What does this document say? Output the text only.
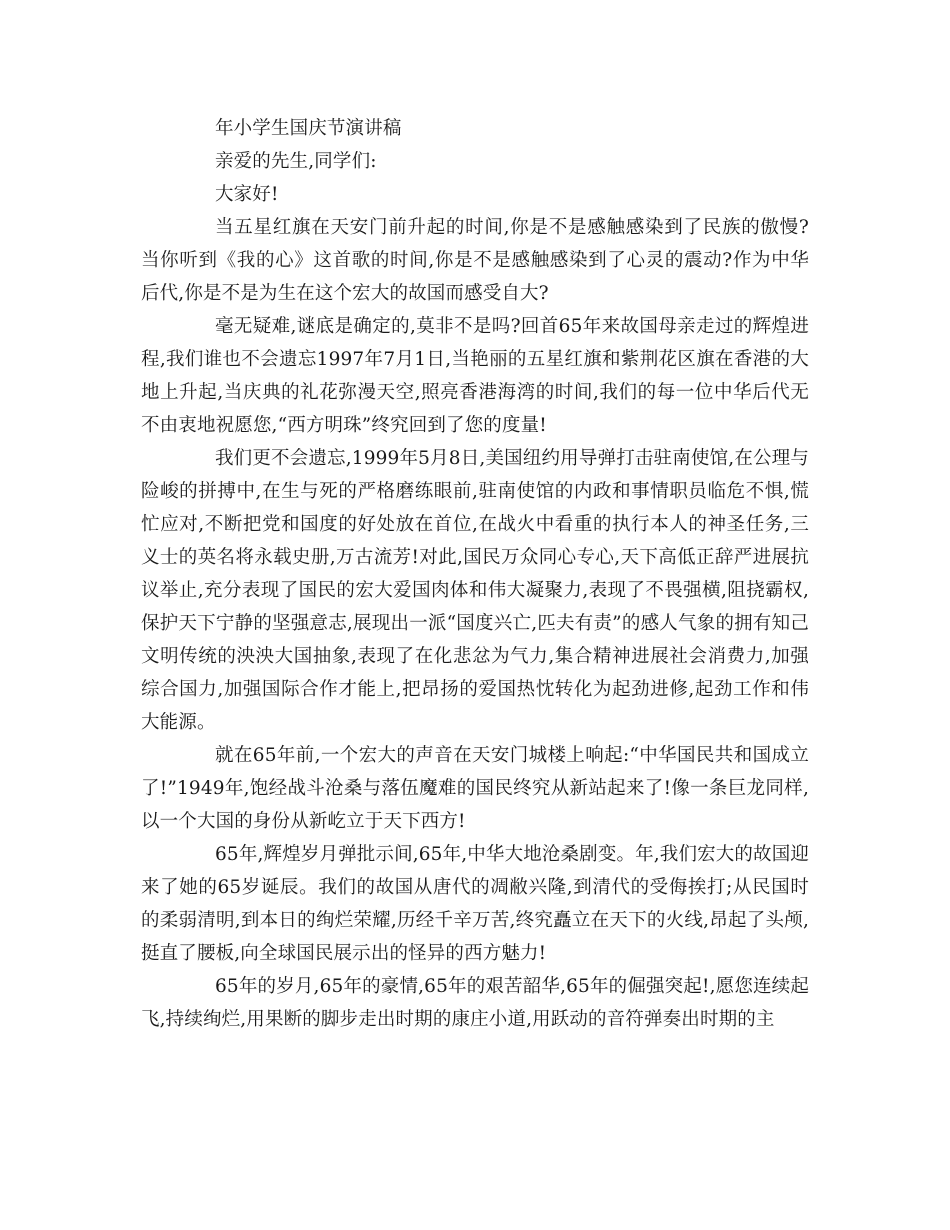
年小学生国庆节演讲稿

亲爱的先生,同学们:

大家好!

当五星红旗在天安门前升起的时间,你是不是感触感染到了民族的傲慢?当你听到《我的心》这首歌的时间,你是不是感触感染到了心灵的震动?作为中华后代,你是不是为生在这个宏大的故国而感受自大?

毫无疑难,谜底是确定的,莫非不是吗?回首65年来故国母亲走过的辉煌进程,我们谁也不会遗忘1997年7月1日,当艳丽的五星红旗和紫荆花区旗在香港的大地上升起,当庆典的礼花弥漫天空,照亮香港海湾的时间,我们的每一位中华后代无不由衷地祝愿您,“西方明珠”终究回到了您的度量!

我们更不会遗忘,1999年5月8日,美国纽约用导弹打击驻南使馆,在公理与险峻的拼搏中,在生与死的严格磨练眼前,驻南使馆的内政和事情职员临危不惧,慌忙应对,不断把党和国度的好处放在首位,在战火中看重的执行本人的神圣任务,三义士的英名将永载史册,万古流芳!对此,国民万众同心专心,天下高低正辞严进展抗议举止,充分表现了国民的宏大爱国肉体和伟大凝聚力,表现了不畏强横,阻挠霸权,保护天下宁静的坚强意志,展现出一派“国度兴亡,匹夫有责”的感人气象的拥有知己文明传统的泱泱大国抽象,表现了在化悲忿为气力,集合精神进展社会消费力,加强综合国力,加强国际合作才能上,把昂扬的爱国热忱转化为起劲进修,起劲工作和伟大能源。

就在65年前,一个宏大的声音在天安门城楼上响起:“中华国民共和国成立了!”1949年,饱经战斗沧桑与落伍魔难的国民终究从新站起来了!像一条巨龙同样,以一个大国的身份从新屹立于天下西方!

65年,辉煌岁月弹批示间,65年,中华大地沧桑剧变。年,我们宏大的故国迎来了她的65岁诞辰。我们的故国从唐代的凋敝兴隆,到清代的受侮挨打;从民国时的柔弱清明,到本日的绚烂荣耀,历经千辛万苦,终究矗立在天下的火线,昂起了头颅,挺直了腰板,向全球国民展示出的怪异的西方魅力!

65年的岁月,65年的豪情,65年的艰苦韶华,65年的倔强突起!,愿您连续起飞,持续绚烂,用果断的脚步走出时期的康庄小道,用跃动的音符弹奏出时期的主
